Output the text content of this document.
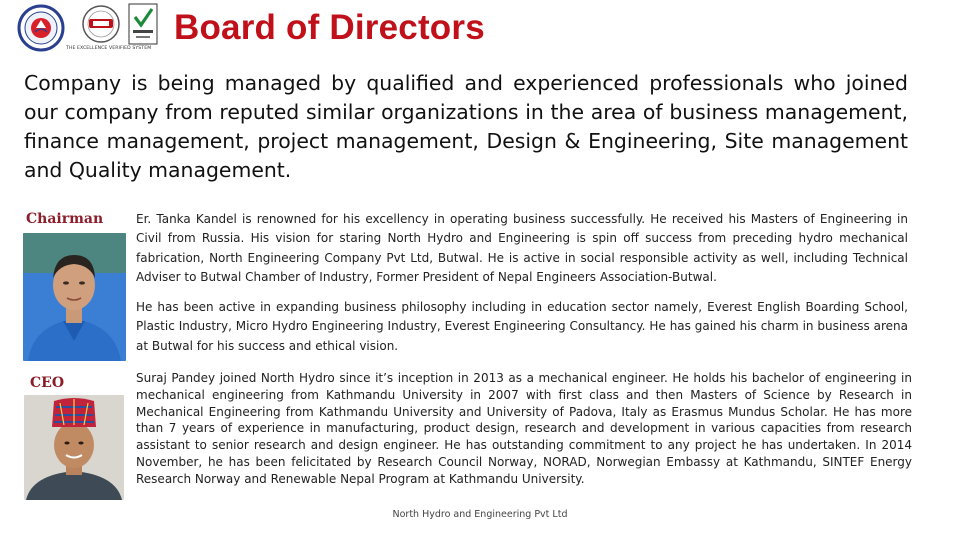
THE EXCELLENCE VERIFIED SYSTEM
Board of Directors

Company is being managed by qualified and experienced professionals who joined our company from reputed similar organizations in the area of business management, finance management, project management, Design & Engineering, Site management and Quality management.

Chairman	Er. Tanka Kandel is renowned for his excellency in operating business successfully. He received his Masters of Engineering in Civil from Russia. His vision for staring North Hydro and Engineering is spin off success from preceding hydro mechanical fabrication, North Engineering Company Pvt Ltd, Butwal. He is active in social responsible activity as well, including Technical Adviser to Butwal Chamber of Industry, Former President of Nepal Engineers Association-Butwal.

He has been active in expanding business philosophy including in education sector namely, Everest English Boarding School, Plastic Industry, Micro Hydro Engineering Industry, Everest Engineering Consultancy. He has gained his charm in business arena at Butwal for his success and ethical vision.

CEO	Suraj Pandey joined North Hydro since it’s inception in 2013 as a mechanical engineer. He holds his bachelor of engineering in mechanical engineering from Kathmandu University in 2007 with first class and then Masters of Science by Research in Mechanical Engineering from Kathmandu University and University of Padova, Italy as Erasmus Mundus Scholar. He has more than 7 years of experience in manufacturing, product design, research and development in various capacities from research assistant to senior research and design engineer. He has outstanding commitment to any project he has undertaken. In 2014 November, he has been felicitated by Research Council Norway, NORAD, Norwegian Embassy at Kathmandu, SINTEF Energy Research Norway and Renewable Nepal Program at Kathmandu University.

North Hydro and Engineering Pvt Ltd
